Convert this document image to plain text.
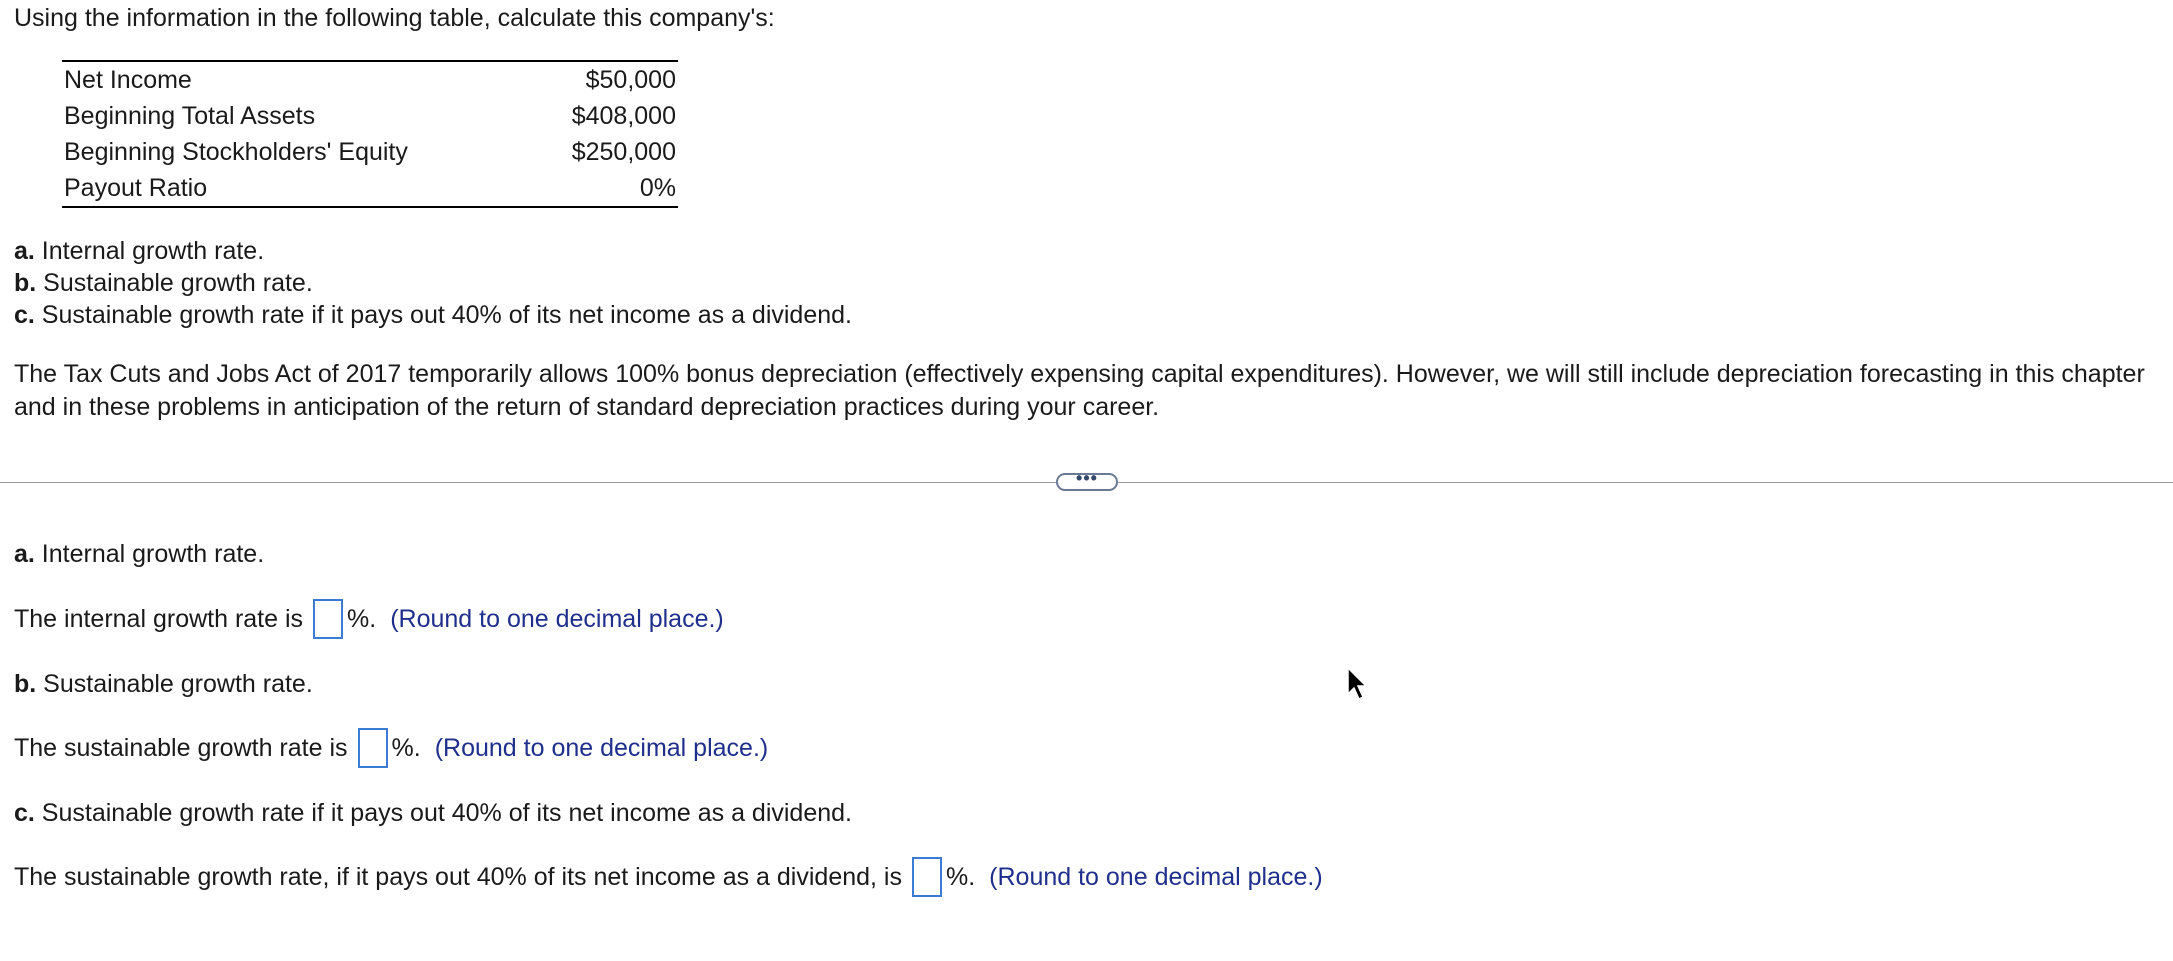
Using the information in the following table, calculate this company's:
Net Income	$50,000
Beginning Total Assets	$408,000
Beginning Stockholders' Equity	$250,000
Payout Ratio	0%
a. Internal growth rate.
b. Sustainable growth rate.
c. Sustainable growth rate if it pays out 40% of its net income as a dividend.
The Tax Cuts and Jobs Act of 2017 temporarily allows 100% bonus depreciation (effectively expensing capital expenditures). However, we will still include depreciation forecasting in this chapter and in these problems in anticipation of the return of standard depreciation practices during your career.
•••
a. Internal growth rate.
The internal growth rate is %. (Round to one decimal place.)
b. Sustainable growth rate.
The sustainable growth rate is %. (Round to one decimal place.)
c. Sustainable growth rate if it pays out 40% of its net income as a dividend.
The sustainable growth rate, if it pays out 40% of its net income as a dividend, is %. (Round to one decimal place.)
